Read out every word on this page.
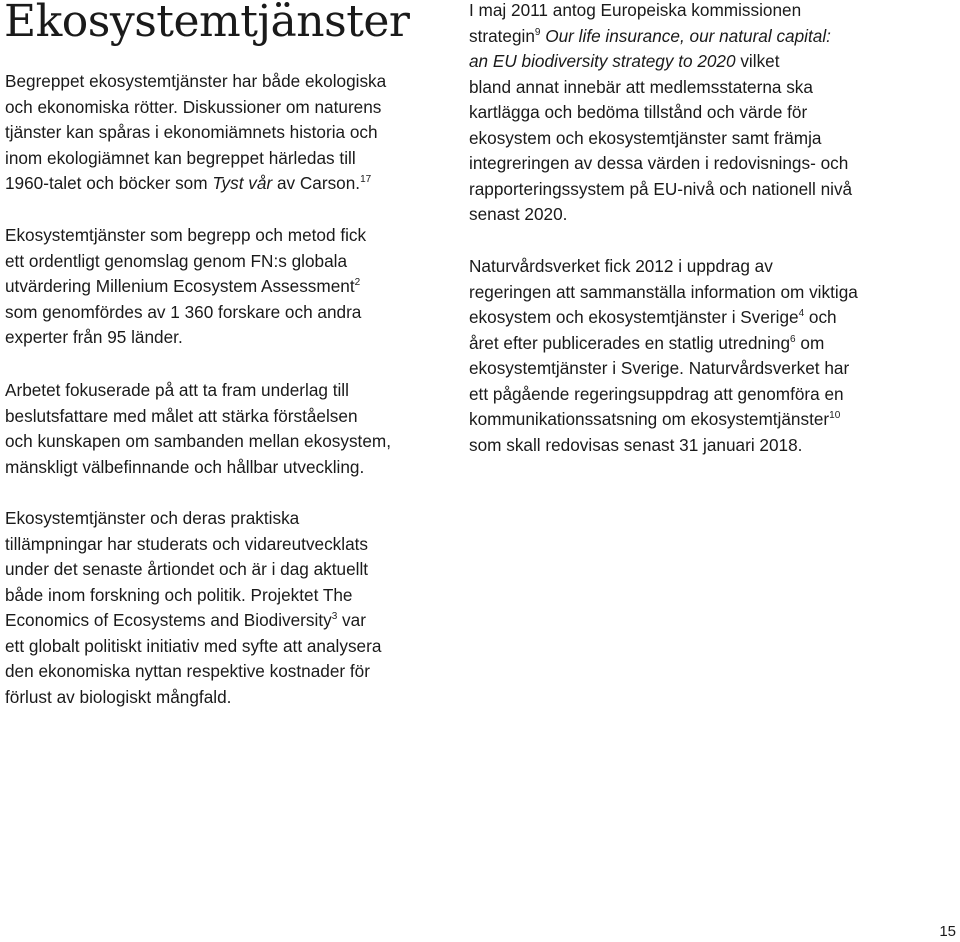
Ekosystemtjänster

Begreppet ekosystemtjänster har både ekologiska
och ekonomiska rötter. Diskussioner om naturens
tjänster kan spåras i ekonomiämnets historia och
inom ekologiämnet kan begreppet härledas till
1960-talet och böcker som Tyst vår av Carson.$^{17}$

Ekosystemtjänster som begrepp och metod fick
ett ordentligt genomslag genom FN:s globala
utvärdering Millenium Ecosystem Assessment$^2$
som genomfördes av 1 360 forskare och andra
experter från 95 länder.

Arbetet fokuserade på att ta fram underlag till
beslutsfattare med målet att stärka förståelsen
och kunskapen om sambanden mellan ekosystem,
mänskligt välbefinnande och hållbar utveckling.

Ekosystemtjänster och deras praktiska
tillämpningar har studerats och vidareutvecklats
under det senaste årtiondet och är i dag aktuellt
både inom forskning och politik. Projektet The
Economics of Ecosystems and Biodiversity$^3$ var
ett globalt politiskt initiativ med syfte att analysera
den ekonomiska nyttan respektive kostnader för
förlust av biologiskt mångfald.

I maj 2011 antog Europeiska kommissionen
strategin$^9$ Our life insurance, our natural capital:
an EU biodiversity strategy to 2020 vilket
bland annat innebär att medlemsstaterna ska
kartlägga och bedöma tillstånd och värde för
ekosystem och ekosystemtjänster samt främja
integreringen av dessa värden i redovisnings- och
rapporteringssystem på EU-nivå och nationell nivå
senast 2020.

Naturvårdsverket fick 2012 i uppdrag av
regeringen att sammanställa information om viktiga
ekosystem och ekosystemtjänster i Sverige$^4$ och
året efter publicerades en statlig utredning$^6$ om
ekosystemtjänster i Sverige. Naturvårdsverket har
ett pågående regeringsuppdrag att genomföra en
kommunikationssatsning om ekosystemtjänster$^{10}$
som skall redovisas senast 31 januari 2018.

15
